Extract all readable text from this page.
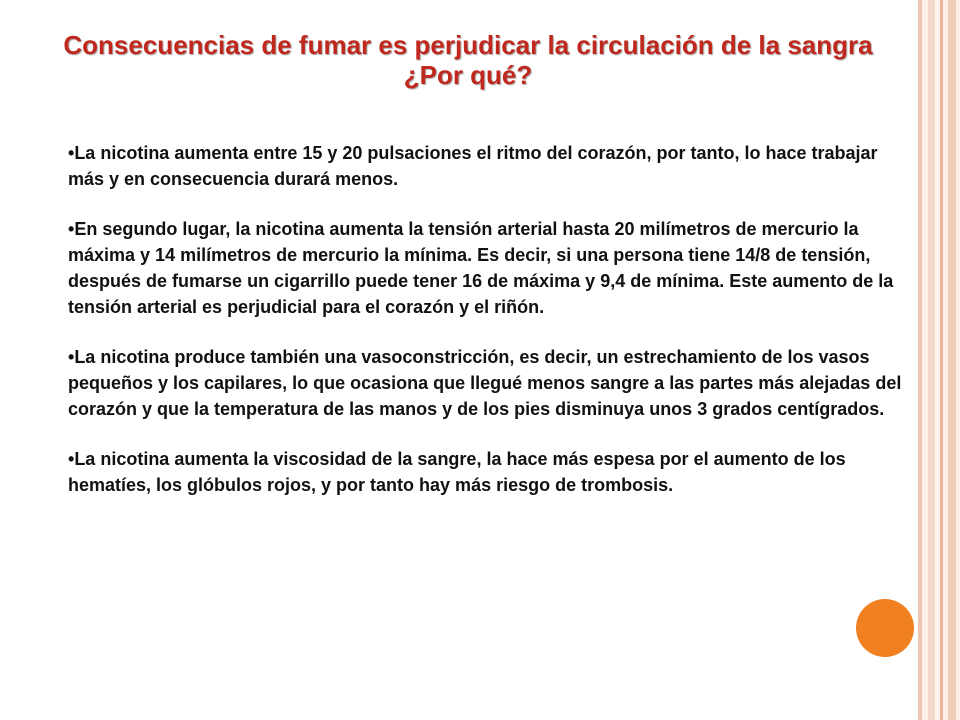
Consecuencias de fumar es perjudicar la circulación de la sangra
¿Por qué?

•La nicotina aumenta entre 15 y 20 pulsaciones el ritmo del corazón, por tanto, lo hace trabajar más y en consecuencia durará menos.

•En segundo lugar, la nicotina aumenta la tensión arterial hasta 20 milímetros de mercurio la máxima y 14 milímetros de mercurio la mínima. Es decir, si una persona tiene 14/8 de tensión, después de fumarse un cigarrillo puede tener 16 de máxima y 9,4 de mínima. Este aumento de la tensión arterial es perjudicial para el corazón y el riñón.

•La nicotina produce también una vasoconstricción, es decir, un estrechamiento de los vasos pequeños y los capilares, lo que ocasiona que llegué menos sangre a las partes más alejadas del corazón y que la temperatura de las manos y de los pies disminuya unos 3 grados centígrados.

•La nicotina aumenta la viscosidad de la sangre, la hace más espesa por el aumento de los hematíes, los glóbulos rojos, y por tanto hay más riesgo de trombosis.
